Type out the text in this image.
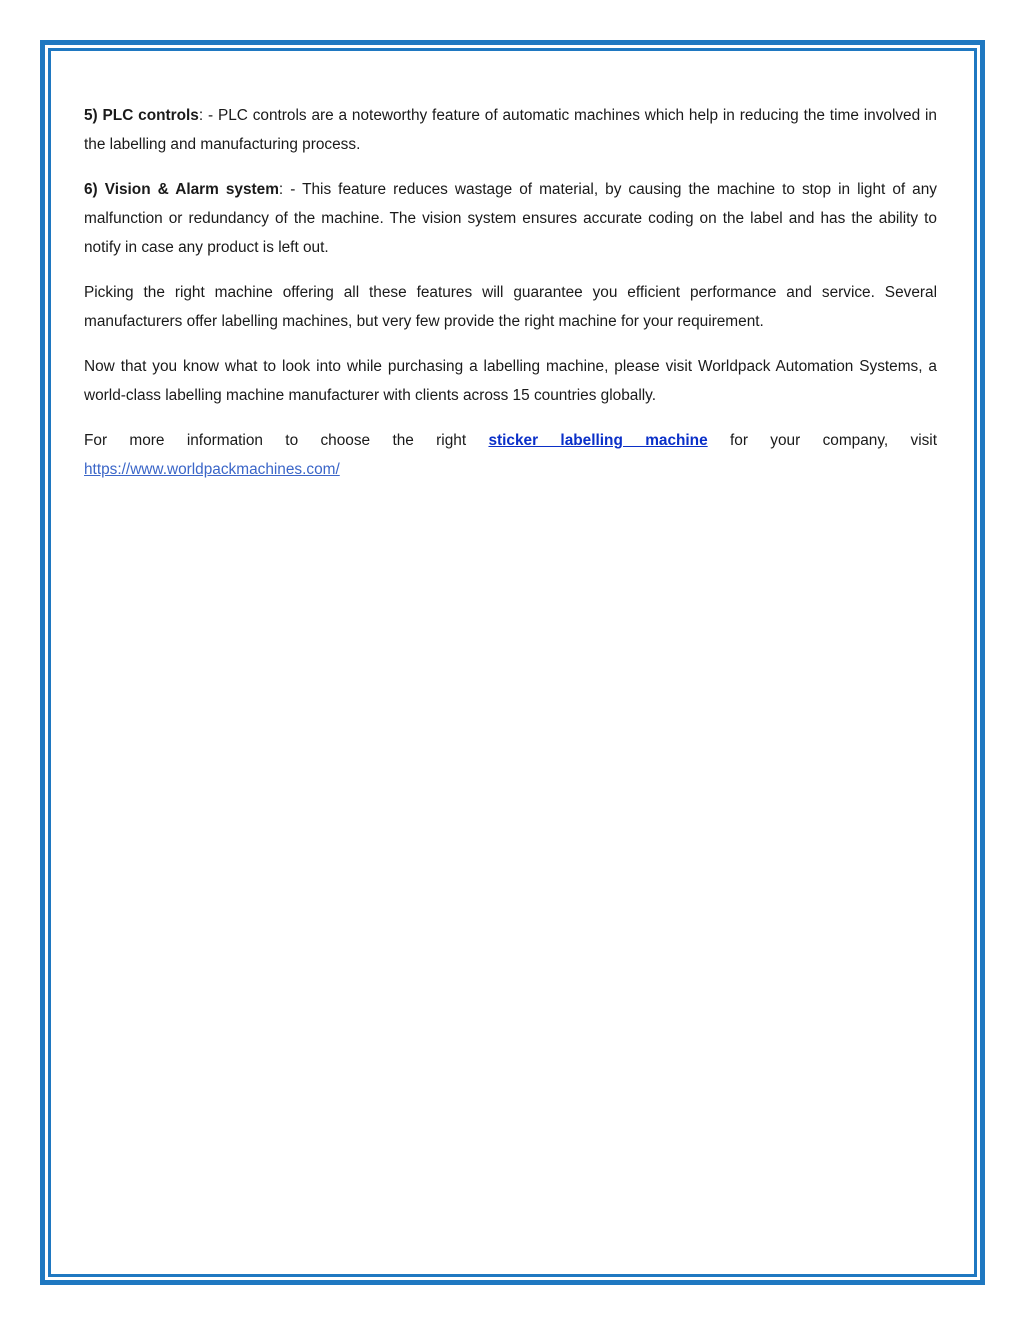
5) PLC controls: - PLC controls are a noteworthy feature of automatic machines which help in reducing the time involved in the labelling and manufacturing process.

6) Vision & Alarm system: - This feature reduces wastage of material, by causing the machine to stop in light of any malfunction or redundancy of the machine. The vision system ensures accurate coding on the label and has the ability to notify in case any product is left out.

Picking the right machine offering all these features will guarantee you efficient performance and service. Several manufacturers offer labelling machines, but very few provide the right machine for your requirement.

Now that you know what to look into while purchasing a labelling machine, please visit Worldpack Automation Systems, a world-class labelling machine manufacturer with clients across 15 countries globally.

For more information to choose the right sticker labelling machine for your company, visit

https://www.worldpackmachines.com/
